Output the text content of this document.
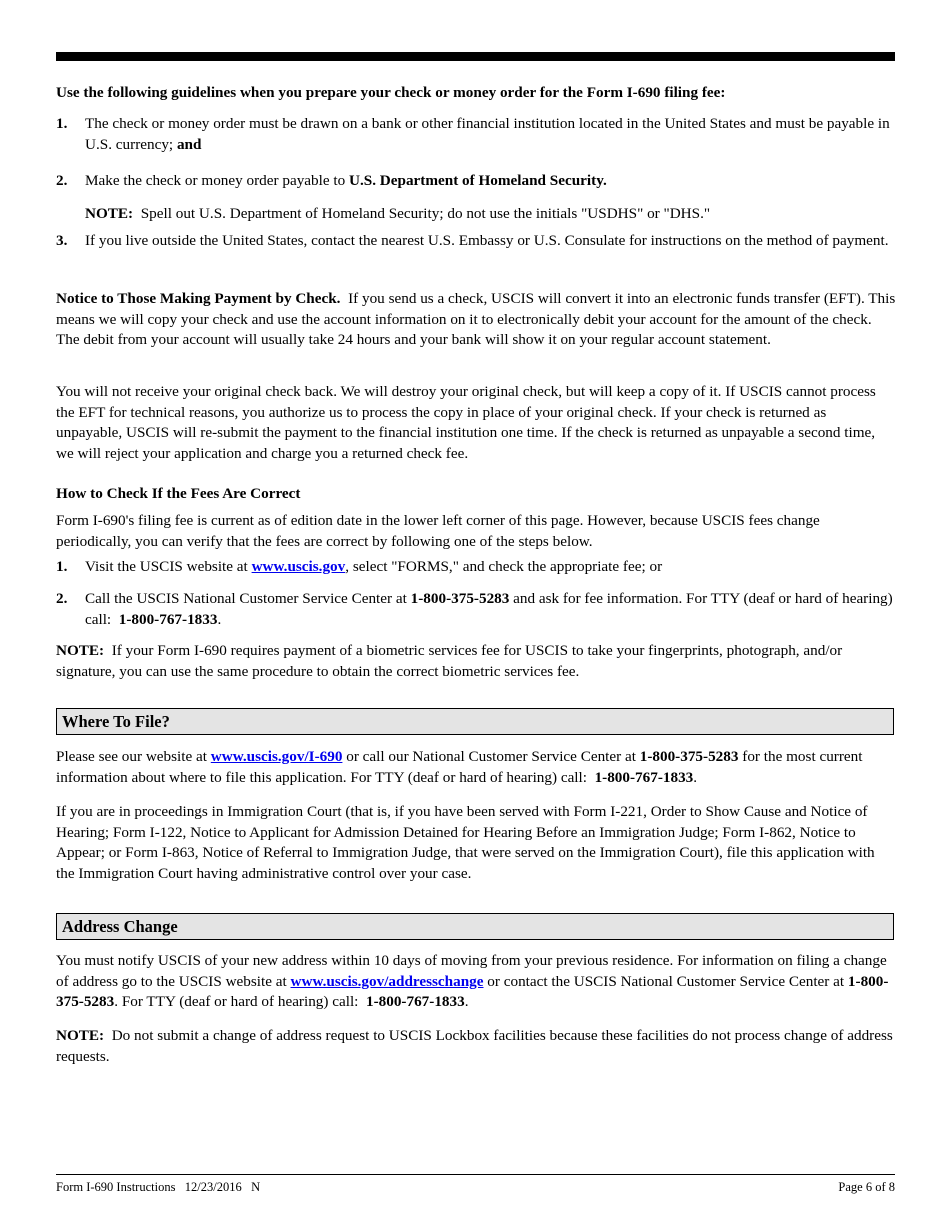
Use the following guidelines when you prepare your check or money order for the Form I-690 filing fee:

1.	The check or money order must be drawn on a bank or other financial institution located in the United States and must be payable in U.S. currency; and

2.	Make the check or money order payable to U.S. Department of Homeland Security.

NOTE: Spell out U.S. Department of Homeland Security; do not use the initials "USDHS" or "DHS."

3.	If you live outside the United States, contact the nearest U.S. Embassy or U.S. Consulate for instructions on the method of payment.

Notice to Those Making Payment by Check. If you send us a check, USCIS will convert it into an electronic funds transfer (EFT). This means we will copy your check and use the account information on it to electronically debit your account for the amount of the check. The debit from your account will usually take 24 hours and your bank will show it on your regular account statement.

You will not receive your original check back. We will destroy your original check, but will keep a copy of it. If USCIS cannot process the EFT for technical reasons, you authorize us to process the copy in place of your original check. If your check is returned as unpayable, USCIS will re-submit the payment to the financial institution one time. If the check is returned as unpayable a second time, we will reject your application and charge you a returned check fee.

How to Check If the Fees Are Correct

Form I-690's filing fee is current as of edition date in the lower left corner of this page. However, because USCIS fees change periodically, you can verify that the fees are correct by following one of the steps below.

1.	Visit the USCIS website at www.uscis.gov, select "FORMS," and check the appropriate fee; or

2.	Call the USCIS National Customer Service Center at 1-800-375-5283 and ask for fee information. For TTY (deaf or hard of hearing) call: 1-800-767-1833.

NOTE: If your Form I-690 requires payment of a biometric services fee for USCIS to take your fingerprints, photograph, and/or signature, you can use the same procedure to obtain the correct biometric services fee.

Where To File?

Please see our website at www.uscis.gov/I-690 or call our National Customer Service Center at 1-800-375-5283 for the most current information about where to file this application. For TTY (deaf or hard of hearing) call: 1-800-767-1833.

If you are in proceedings in Immigration Court (that is, if you have been served with Form I-221, Order to Show Cause and Notice of Hearing; Form I-122, Notice to Applicant for Admission Detained for Hearing Before an Immigration Judge; Form I-862, Notice to Appear; or Form I-863, Notice of Referral to Immigration Judge, that were served on the Immigration Court), file this application with the Immigration Court having administrative control over your case.

Address Change

You must notify USCIS of your new address within 10 days of moving from your previous residence. For information on filing a change of address go to the USCIS website at www.uscis.gov/addresschange or contact the USCIS National Customer Service Center at 1-800-375-5283. For TTY (deaf or hard of hearing) call: 1-800-767-1833.

NOTE: Do not submit a change of address request to USCIS Lockbox facilities because these facilities do not process change of address requests.

Form I-690 Instructions   12/23/2016   N	Page 6 of 8
